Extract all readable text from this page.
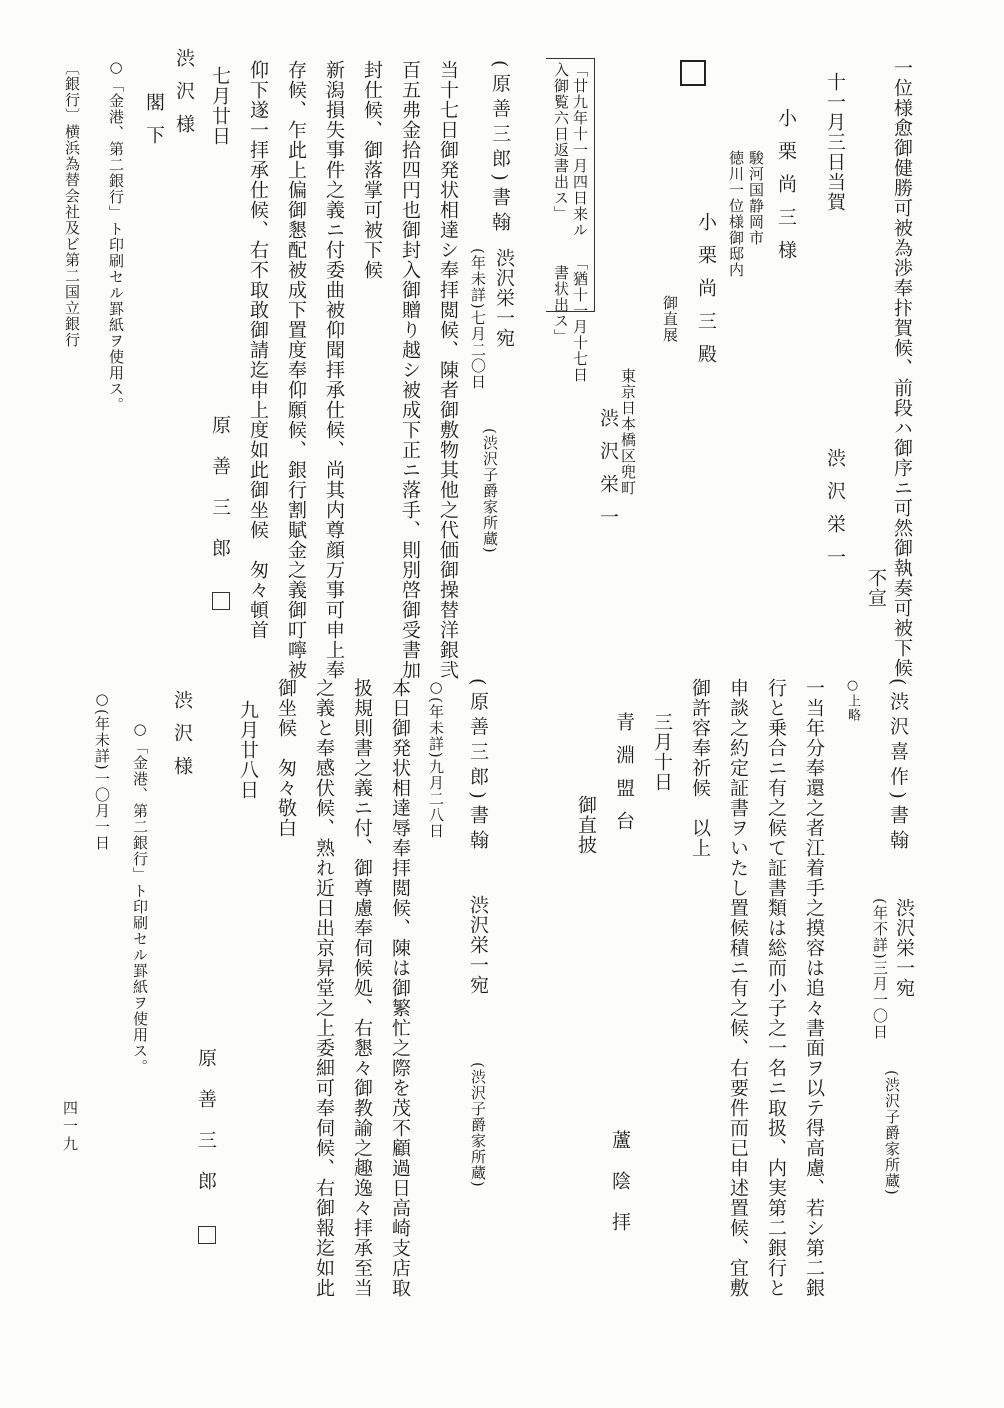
一位様愈御健勝可被為渉奉抃賀候、前段ハ御序ニ可然御執奏可被下候
不宣
十一月三日当賀
渋沢栄一
小栗尚三様
駿河国静岡市
徳川一位様御邸内
小栗尚三殿
御直展
東京日本橋区兜町
渋沢栄一
「廿九年十一月四日来ル
入御覧六日返書出ス」
「猶十一月十七日
書状出ス」
(原善三郎)書翰
渋沢栄一宛
(年未詳)七月二〇日
(渋沢子爵家所蔵)
当十七日御発状相達シ奉拝閲候、陳者御敷物其他之代価御操替洋銀弐
百五弗金拾四円也御封入御贈り越シ被成下正ニ落手、則別啓御受書加
封仕候、御落掌可被下候
新潟損失事件之義ニ付委曲被仰聞拝承仕候、尚其内尊顔万事可申上奉
存候、乍此上偏御懇配被成下置度奉仰願候、銀行割賦金之義御叮嚀被
仰下遂一拝承仕候、右不取敢御請迄申上度如此御坐候　匆々頓首
七月廿日
原善三郎
渋沢様
閣下
○「金港、第二銀行」ト印刷セル罫紙ヲ使用ス。
〔銀行〕横浜為替会社及ビ第二国立銀行
(渋沢喜作)書翰
渋沢栄一宛
(年不詳)三月一〇日
(渋沢子爵家所蔵)
○上略
一当年分奉還之者江着手之摸容は追々書面ヲ以テ得高慮、若シ第二銀
行と乗合ニ有之候て証書類は総而小子之一名ニ取扱、内実第二銀行と
申談之約定証書ヲいたし置候積ニ有之候、右要件而已申述置候、宜敷
御許容奉祈候　以上
三月十日
蘆陰拝
青淵盟台
御直披
(原善三郎)書翰
渋沢栄一宛
(渋沢子爵家所蔵)
○(年未詳)九月二八日
本日御発状相達辱奉拝閲候、陳は御繁忙之際を茂不顧過日高崎支店取
扱規則書之義ニ付、御尊慮奉伺候処、右懇々御教諭之趣逸々拝承至当
之義と奉感伏候、熟れ近日出京昇堂之上委細可奉伺候、右御報迄如此
御坐候　匆々敬白
九月廿八日
原善三郎
渋沢様
○「金港、第二銀行」ト印刷セル罫紙ヲ使用ス。
○(年未詳)一〇月一日
四一九
